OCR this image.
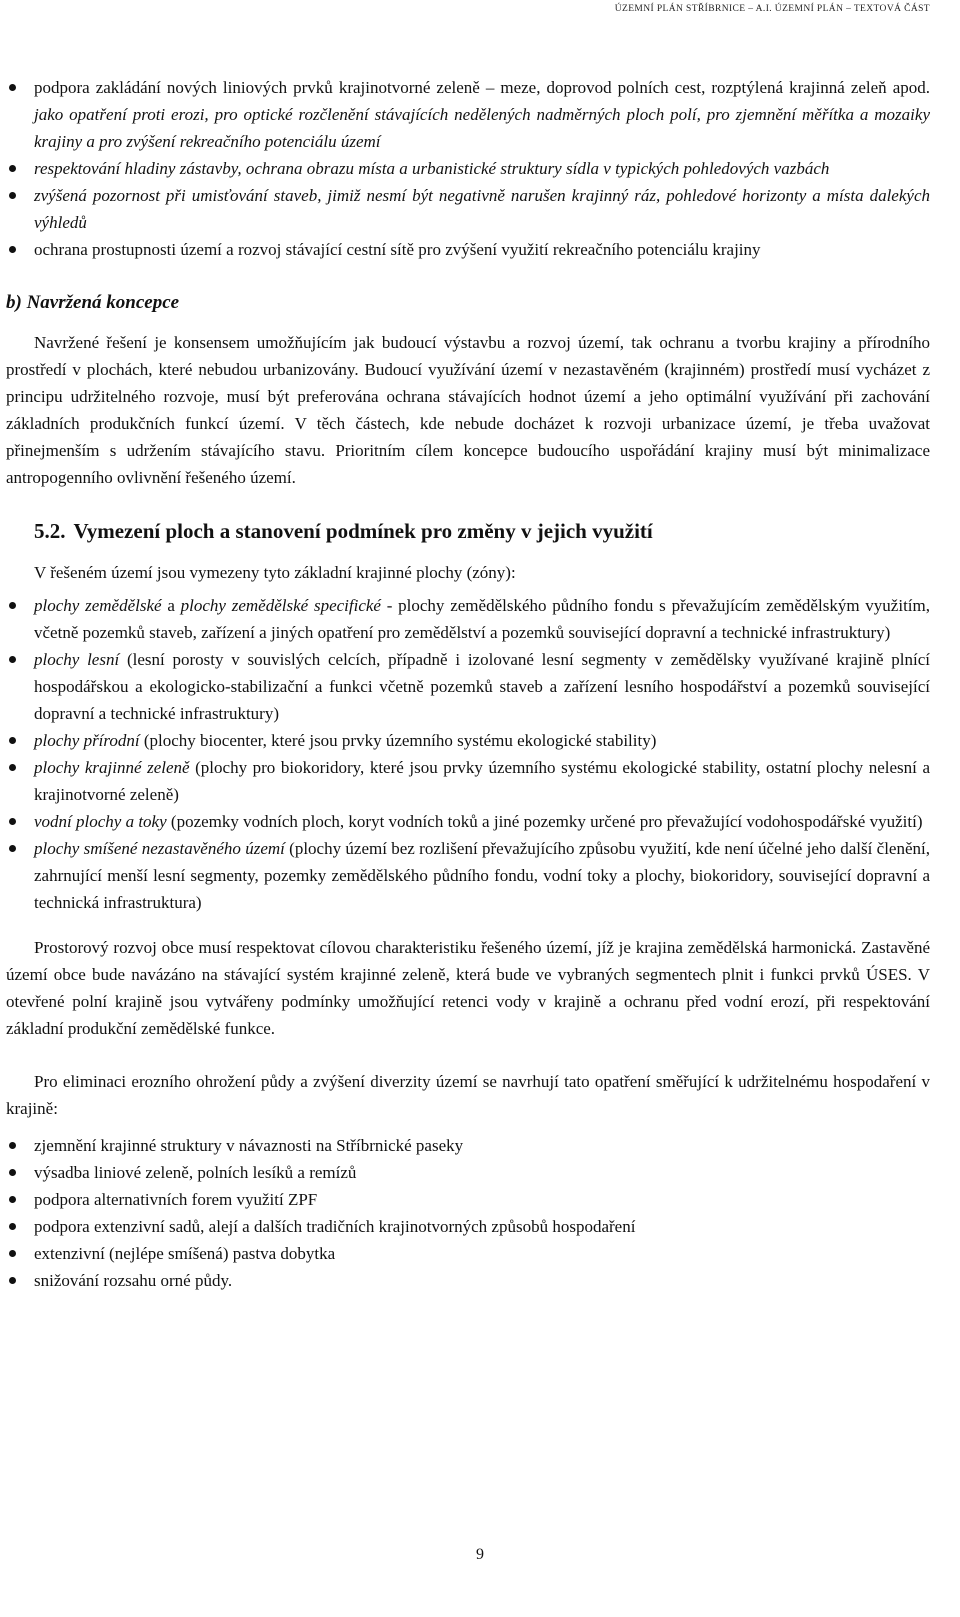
ÚZEMNÍ PLÁN STŘÍBRNICE – A.I. ÚZEMNÍ PLÁN – TEXTOVÁ ČÁST
podpora zakládání nových liniových prvků krajinotvorné zeleně – meze, doprovod polních cest, rozptýlená krajinná zeleň apod. jako opatření proti erozi, pro optické rozčlenění stávajících nedělených nadměrných ploch polí, pro zjemnění měřítka a mozaiky krajiny a pro zvýšení rekreačního potenciálu území
respektování hladiny zástavby, ochrana obrazu místa a urbanistické struktury sídla v typických pohledových vazbách
zvýšená pozornost při umisťování staveb, jimiž nesmí být negativně narušen krajinný ráz, pohledové horizonty a místa dalekých výhledů
ochrana prostupnosti území a rozvoj stávající cestní sítě pro zvýšení využití rekreačního potenciálu krajiny
b) Navržená koncepce

Navržené řešení je konsensem umožňujícím jak budoucí výstavbu a rozvoj území, tak ochranu a tvorbu krajiny a přírodního prostředí v plochách, které nebudou urbanizovány. Budoucí využívání území v nezastavěném (krajinném) prostředí musí vycházet z principu udržitelného rozvoje, musí být preferována ochrana stávajících hodnot území a jeho optimální využívání při zachování základních produkčních funkcí území. V těch částech, kde nebude docházet k rozvoji urbanizace území, je třeba uvažovat přinejmenším s udržením stávajícího stavu. Prioritním cílem koncepce budoucího uspořádání krajiny musí být minimalizace antropogenního ovlivnění řešeného území.

5.2. Vymezení ploch a stanovení podmínek pro změny v jejich využití

V řešeném území jsou vymezeny tyto základní krajinné plochy (zóny):

plochy zemědělské a plochy zemědělské specifické - plochy zemědělského půdního fondu s převažujícím zemědělským využitím, včetně pozemků staveb, zařízení a jiných opatření pro zemědělství a pozemků související dopravní a technické infrastruktury)
plochy lesní (lesní porosty v souvislých celcích, případně i izolované lesní segmenty v zemědělsky využívané krajině plnící hospodářskou a ekologicko-stabilizační a funkci včetně pozemků staveb a zařízení lesního hospodářství a pozemků související dopravní a technické infrastruktury)
plochy přírodní (plochy biocenter, které jsou prvky územního systému ekologické stability)
plochy krajinné zeleně (plochy pro biokoridory, které jsou prvky územního systému ekologické stability, ostatní plochy nelesní a krajinotvorné zeleně)
vodní plochy a toky (pozemky vodních ploch, koryt vodních toků a jiné pozemky určené pro převažující vodohospodářské využití)
plochy smíšené nezastavěného území (plochy území bez rozlišení převažujícího způsobu využití, kde není účelné jeho další členění, zahrnující menší lesní segmenty, pozemky zemědělského půdního fondu, vodní toky a plochy, biokoridory, související dopravní a technická infrastruktura)

Prostorový rozvoj obce musí respektovat cílovou charakteristiku řešeného území, jíž je krajina zemědělská harmonická. Zastavěné území obce bude navázáno na stávající systém krajinné zeleně, která bude ve vybraných segmentech plnit i funkci prvků ÚSES. V otevřené polní krajině jsou vytvářeny podmínky umožňující retenci vody v krajině a ochranu před vodní erozí, při respektování základní produkční zemědělské funkce.

Pro eliminaci erozního ohrožení půdy a zvýšení diverzity území se navrhují tato opatření směřující k udržitelnému hospodaření v krajině:

zjemnění krajinné struktury v návaznosti na Stříbrnické paseky
výsadba liniové zeleně, polních lesíků a remízů
podpora alternativních forem využití ZPF
podpora extenzivní sadů, alejí a dalších tradičních krajinotvorných způsobů hospodaření
extenzivní (nejlépe smíšená) pastva dobytka
snižování rozsahu orné půdy.
9
